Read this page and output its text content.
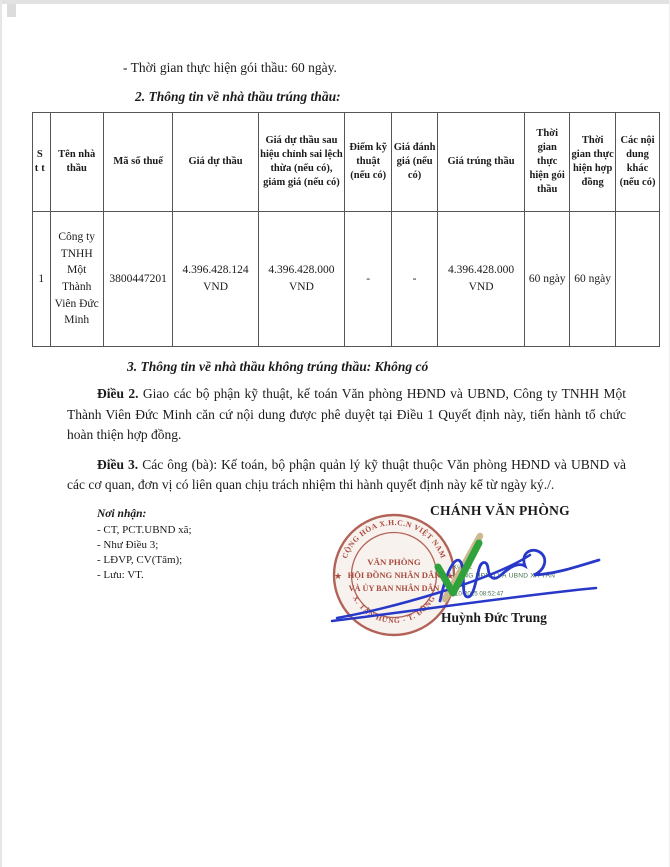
- Thời gian thực hiện gói thầu: 60 ngày.

2. Thông tin về nhà thầu trúng thầu:
Stt	Tên nhà thầu	Mã số thuế	Giá dự thầu	Giá dự thầu sau hiệu chỉnh sai lệch thừa (nếu có), giảm giá (nếu có)	Điểm kỹ thuật (nếu có)	Giá đánh giá (nếu có)	Giá trúng thầu	Thời gian thực hiện gói thầu	Thời gian thực hiện hợp đồng	Các nội dung khác (nếu có)
1	Công ty TNHH Một Thành Viên Đức Minh	3800447201	4.396.428.124 VND	4.396.428.000 VND	-	-	4.396.428.000 VND	60 ngày	60 ngày	
3. Thông tin về nhà thầu không trúng thầu: Không có

Điều 2. Giao các bộ phận kỹ thuật, kế toán Văn phòng HĐND và UBND, Công ty TNHH Một Thành Viên Đức Minh căn cứ nội dung được phê duyệt tại Điều 1 Quyết định này, tiến hành tổ chức hoàn thiện hợp đồng.

Điều 3. Các ông (bà): Kế toán, bộ phận quản lý kỹ thuật thuộc Văn phòng HĐND và UBND và các cơ quan, đơn vị có liên quan chịu trách nhiệm thi hành quyết định này kể từ ngày ký./.

Nơi nhận:
- CT, PCT.UBND xã;
- Như Điều 3;
- LĐVP, CV(Tâm);
- Lưu: VT.
CHÁNH VĂN PHÒNG
CỘNG HÒA X.H.C.N VIỆT NAM
X. TÂN HƯNG - T. ĐỒNG
★	★
VĂN PHÒNG
HỘI ĐỒNG NHÂN DÂN
VÀ ỦY BAN NHÂN DÂN
Ký bởi:
HÒNG HĐND VÀ UBND XÃ TÂN
Mã số:
14-10-2025 08:52:47
Huỳnh Đức Trung
